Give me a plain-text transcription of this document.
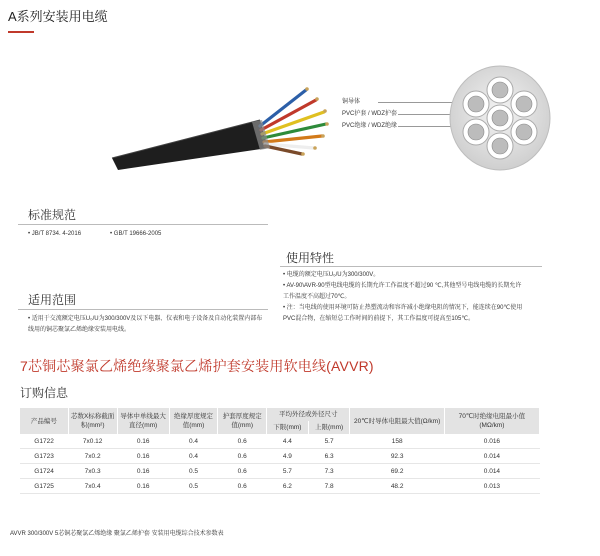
A系列安装用电缆
铜导体
PVC护套 / WDZ护套
PVC绝缘 / WDZ绝缘
标准规范
• JB/T 8734. 4-2016	• GB/T 19666-2005
使用特性
• 电缆的额定电压U₀/U为300/300V。
• AV-90\AVR-90型电线电缆的长期允许工作温度不超过90 ℃,其他型号电线电缆的长期允许工作温度不高超过70℃。
• 注：当电线的使用环境可防止热塑流动和容许减小绝缘电阻的情况下，能连续在90℃使用PVC混合物，在缩短总工作时间的前提下，其工作温度可提高至105℃。
适用范围
• 适用于交流额定电压U₀/U为300/300V及以下电器、仪表和电子设备及自动化装置内部布线用的铜芯聚氯乙烯绝缘安装用电线。
7芯铜芯聚氯乙烯绝缘聚氯乙烯护套安装用软电线(AVVR)
订购信息
产品编号	芯数X标称截面积(mm²)	导体中单线最大直径(mm)	绝缘厚度规定值(mm)	护套厚度规定值(mm)	平均外径或外径尺寸		20℃时导体电阻最大值(Ω/km)	70℃时绝缘电阻最小值(MΩ/km)
					下限(mm)	上限(mm)		
G1722	7x0.12	0.16	0.4	0.6	4.4	5.7	158	0.016
G1723	7x0.2	0.16	0.4	0.6	4.9	6.3	92.3	0.014
G1724	7x0.3	0.16	0.5	0.6	5.7	7.3	69.2	0.014
G1725	7x0.4	0.16	0.5	0.6	6.2	7.8	48.2	0.013
AVVR 300/300V 5芯铜芯聚氯乙烯绝缘 聚氯乙烯护套 安装用电缆综合技术参数表
